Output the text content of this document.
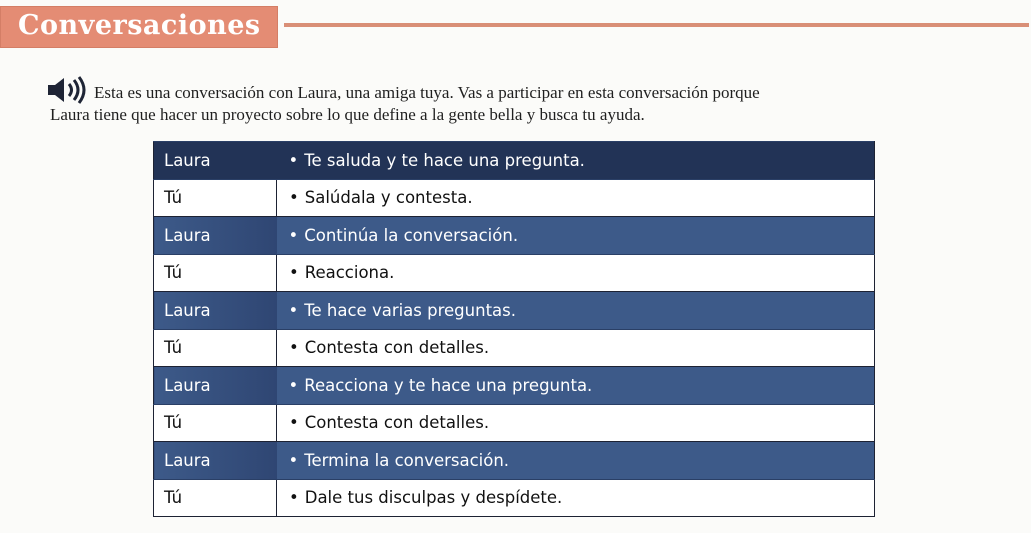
Conversaciones
Esta es una conversación con Laura, una amiga tuya. Vas a participar en esta conversación porque
Laura tiene que hacer un proyecto sobre lo que define a la gente bella y busca tu ayuda.
Laura	• Te saluda y te hace una pregunta.
Tú	• Salúdala y contesta.
Laura	• Continúa la conversación.
Tú	• Reacciona.
Laura	• Te hace varias preguntas.
Tú	• Contesta con detalles.
Laura	• Reacciona y te hace una pregunta.
Tú	• Contesta con detalles.
Laura	• Termina la conversación.
Tú	• Dale tus disculpas y despídete.
